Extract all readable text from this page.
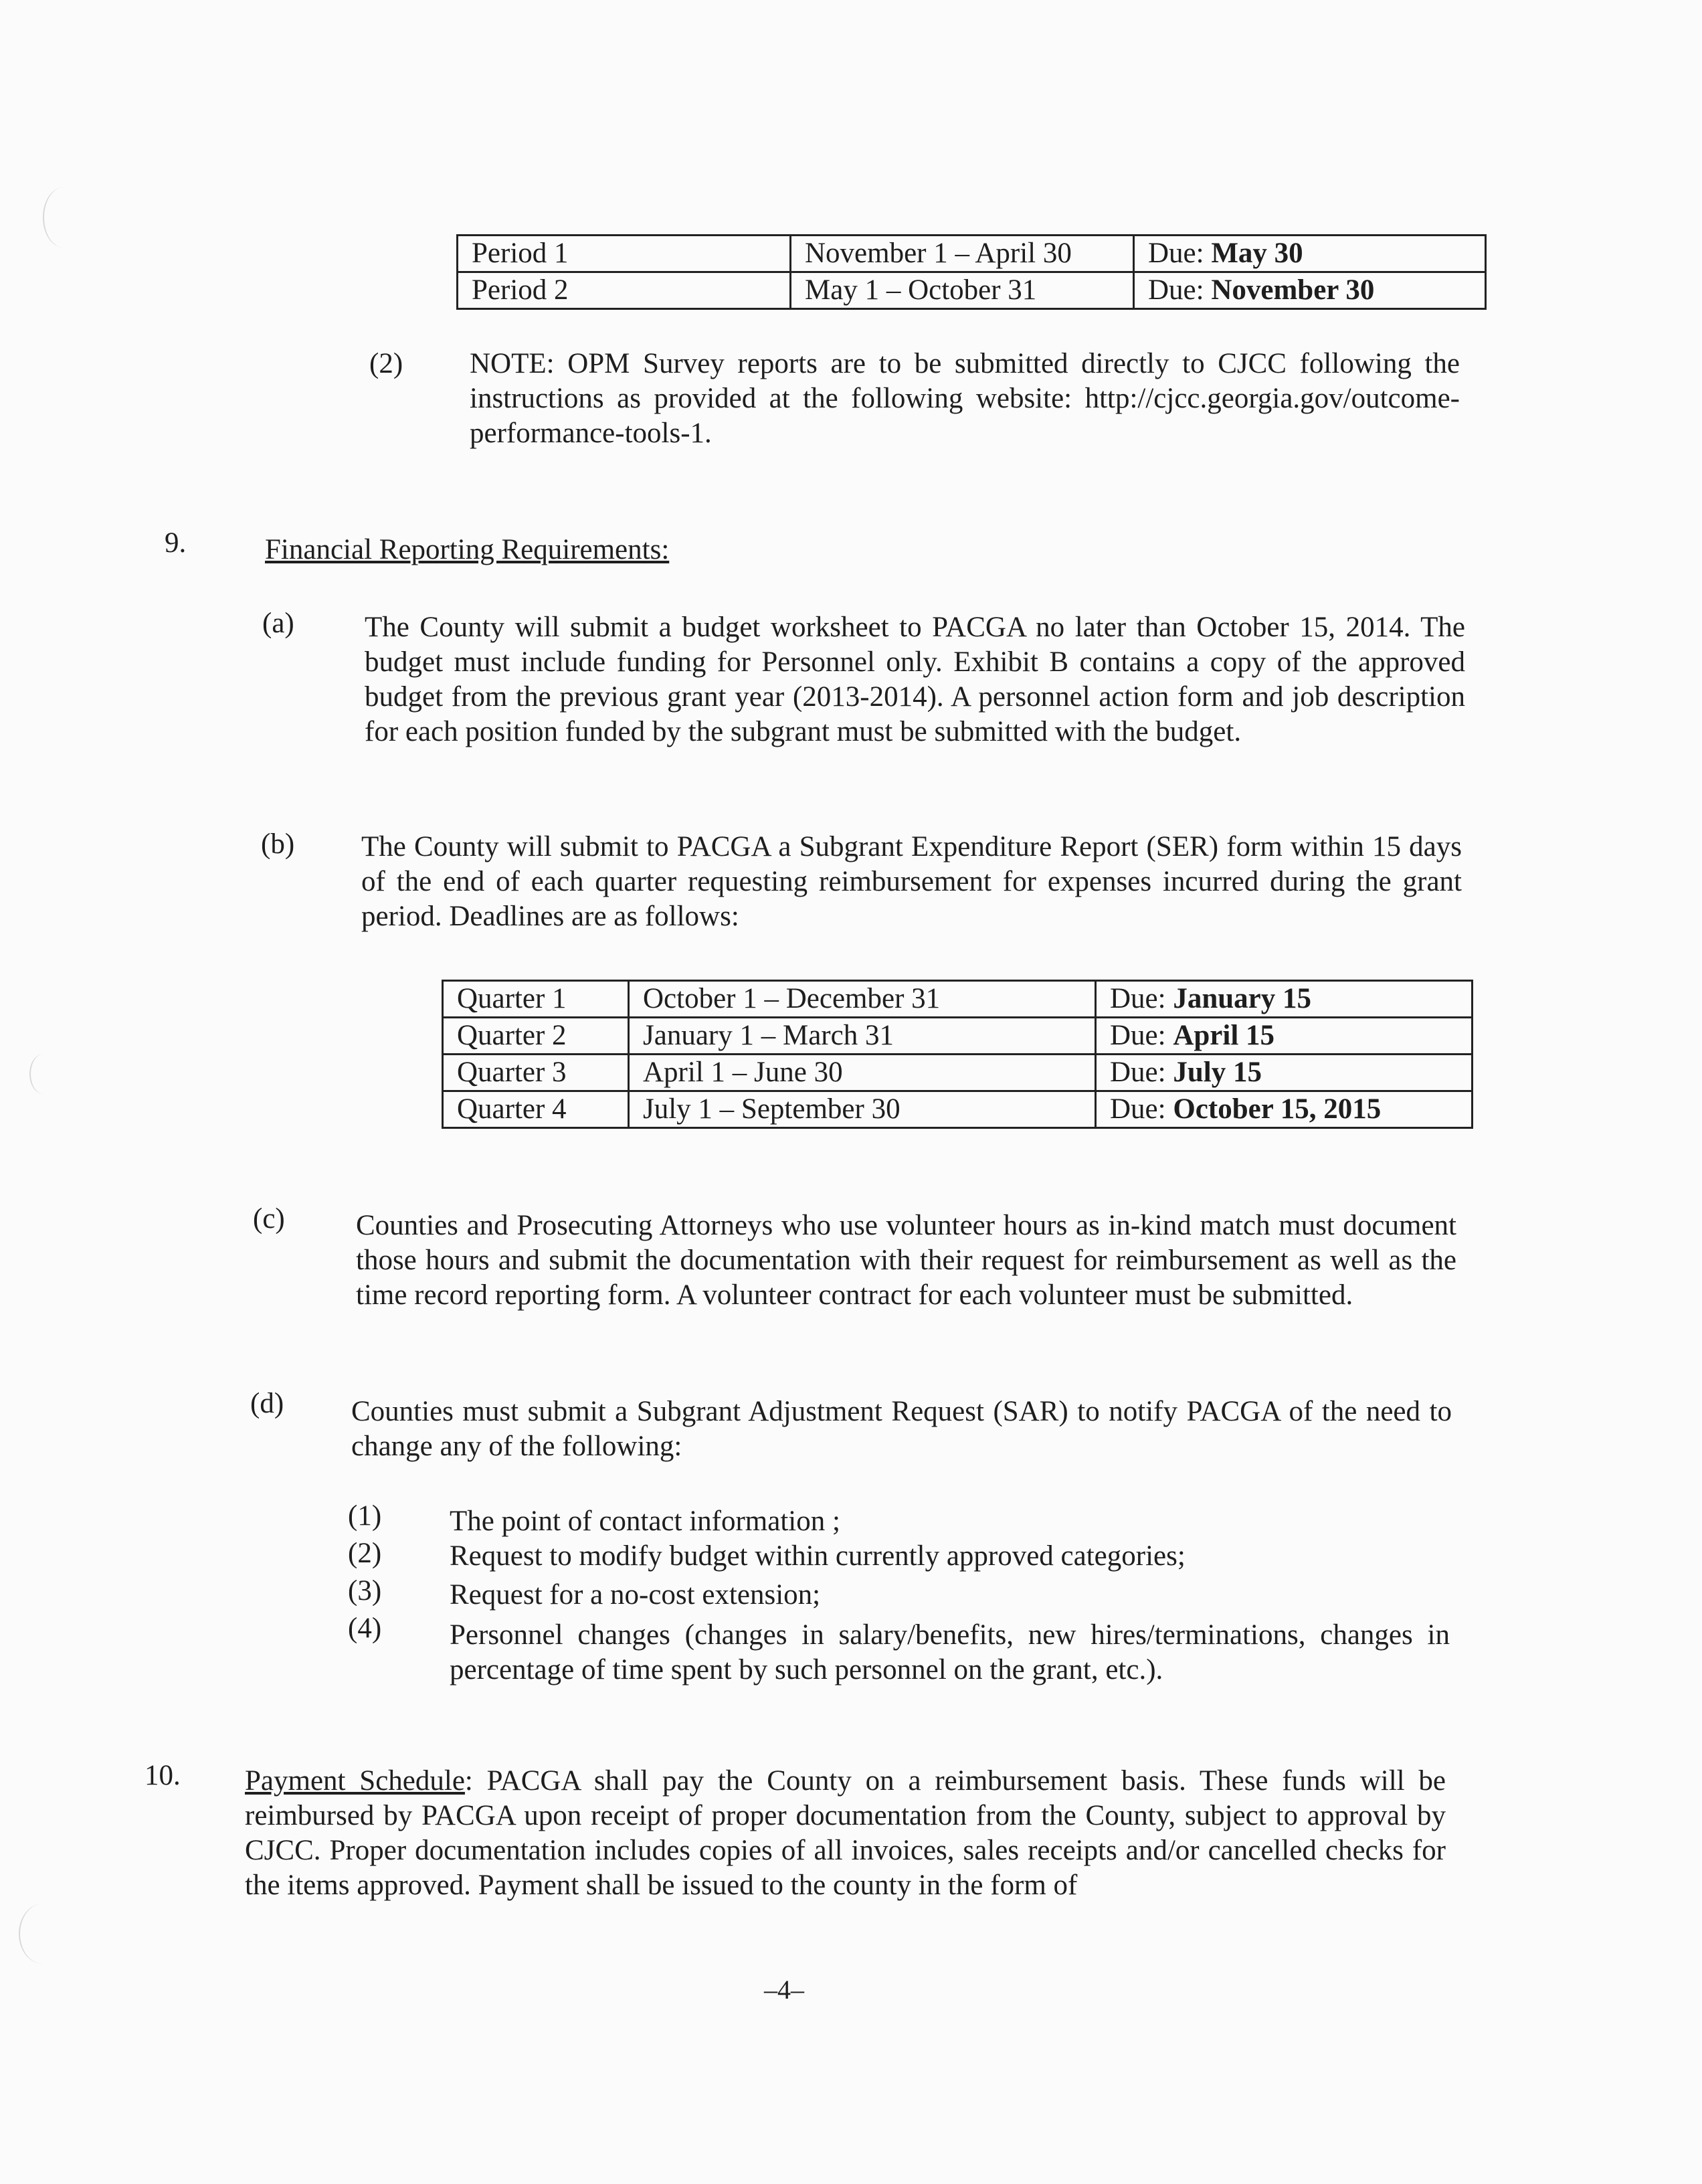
Period 1	November 1 – April 30	Due: May 30
Period 2	May 1 – October 31	Due: November 30
(2) NOTE: OPM Survey reports are to be submitted directly to CJCC following the instructions as provided at the following website: http://cjcc.georgia.gov/outcome-performance-tools-1.

9.	Financial Reporting Requirements:
(a) The County will submit a budget worksheet to PACGA no later than October 15, 2014. The budget must include funding for Personnel only. Exhibit B contains a copy of the approved budget from the previous grant year (2013-2014). A personnel action form and job description for each position funded by the subgrant must be submitted with the budget.

(b) The County will submit to PACGA a Subgrant Expenditure Report (SER) form within 15 days of the end of each quarter requesting reimbursement for expenses incurred during the grant period. Deadlines are as follows:

Quarter 1	October 1 – December 31	Due: January 15
Quarter 2	January 1 – March 31	Due: April 15
Quarter 3	April 1 – June 30	Due: July 15
Quarter 4	July 1 – September 30	Due: October 15, 2015
(c) Counties and Prosecuting Attorneys who use volunteer hours as in-kind match must document those hours and submit the documentation with their request for reimbursement as well as the time record reporting form. A volunteer contract for each volunteer must be submitted.

(d) Counties must submit a Subgrant Adjustment Request (SAR) to notify PACGA of the need to change any of the following:

(1) The point of contact information ;

(2) Request to modify budget within currently approved categories;

(3) Request for a no-cost extension;

(4) Personnel changes (changes in salary/benefits, new hires/terminations, changes in percentage of time spent by such personnel on the grant, etc.).

10. Payment Schedule: PACGA shall pay the County on a reimbursement basis. These funds will be reimbursed by PACGA upon receipt of proper documentation from the County, subject to approval by CJCC. Proper documentation includes copies of all invoices, sales receipts and/or cancelled checks for the items approved. Payment shall be issued to the county in the form of

–4–
